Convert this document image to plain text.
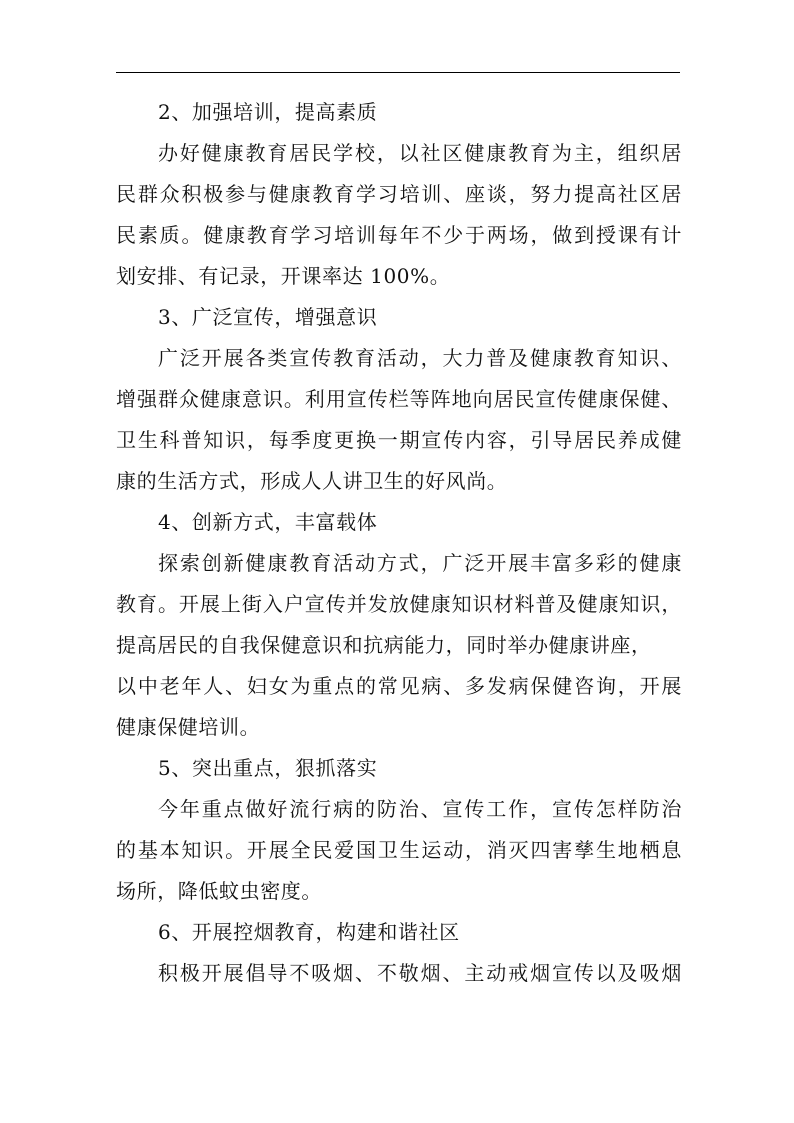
2、加强培训，提高素质
办好健康教育居民学校，以社区健康教育为主，组织居
民群众积极参与健康教育学习培训、座谈，努力提高社区居
民素质。健康教育学习培训每年不少于两场，做到授课有计
划安排、有记录，开课率达 100%。
3、广泛宣传，增强意识
广泛开展各类宣传教育活动，大力普及健康教育知识、
增强群众健康意识。利用宣传栏等阵地向居民宣传健康保健、
卫生科普知识，每季度更换一期宣传内容，引导居民养成健
康的生活方式，形成人人讲卫生的好风尚。
4、创新方式，丰富载体
探索创新健康教育活动方式，广泛开展丰富多彩的健康
教育。开展上街入户宣传并发放健康知识材料普及健康知识，
提高居民的自我保健意识和抗病能力，同时举办健康讲座，
以中老年人、妇女为重点的常见病、多发病保健咨询，开展
健康保健培训。
5、突出重点，狠抓落实
今年重点做好流行病的防治、宣传工作，宣传怎样防治
的基本知识。开展全民爱国卫生运动，消灭四害孳生地栖息
场所，降低蚊虫密度。
6、开展控烟教育，构建和谐社区
积极开展倡导不吸烟、不敬烟、主动戒烟宣传以及吸烟
